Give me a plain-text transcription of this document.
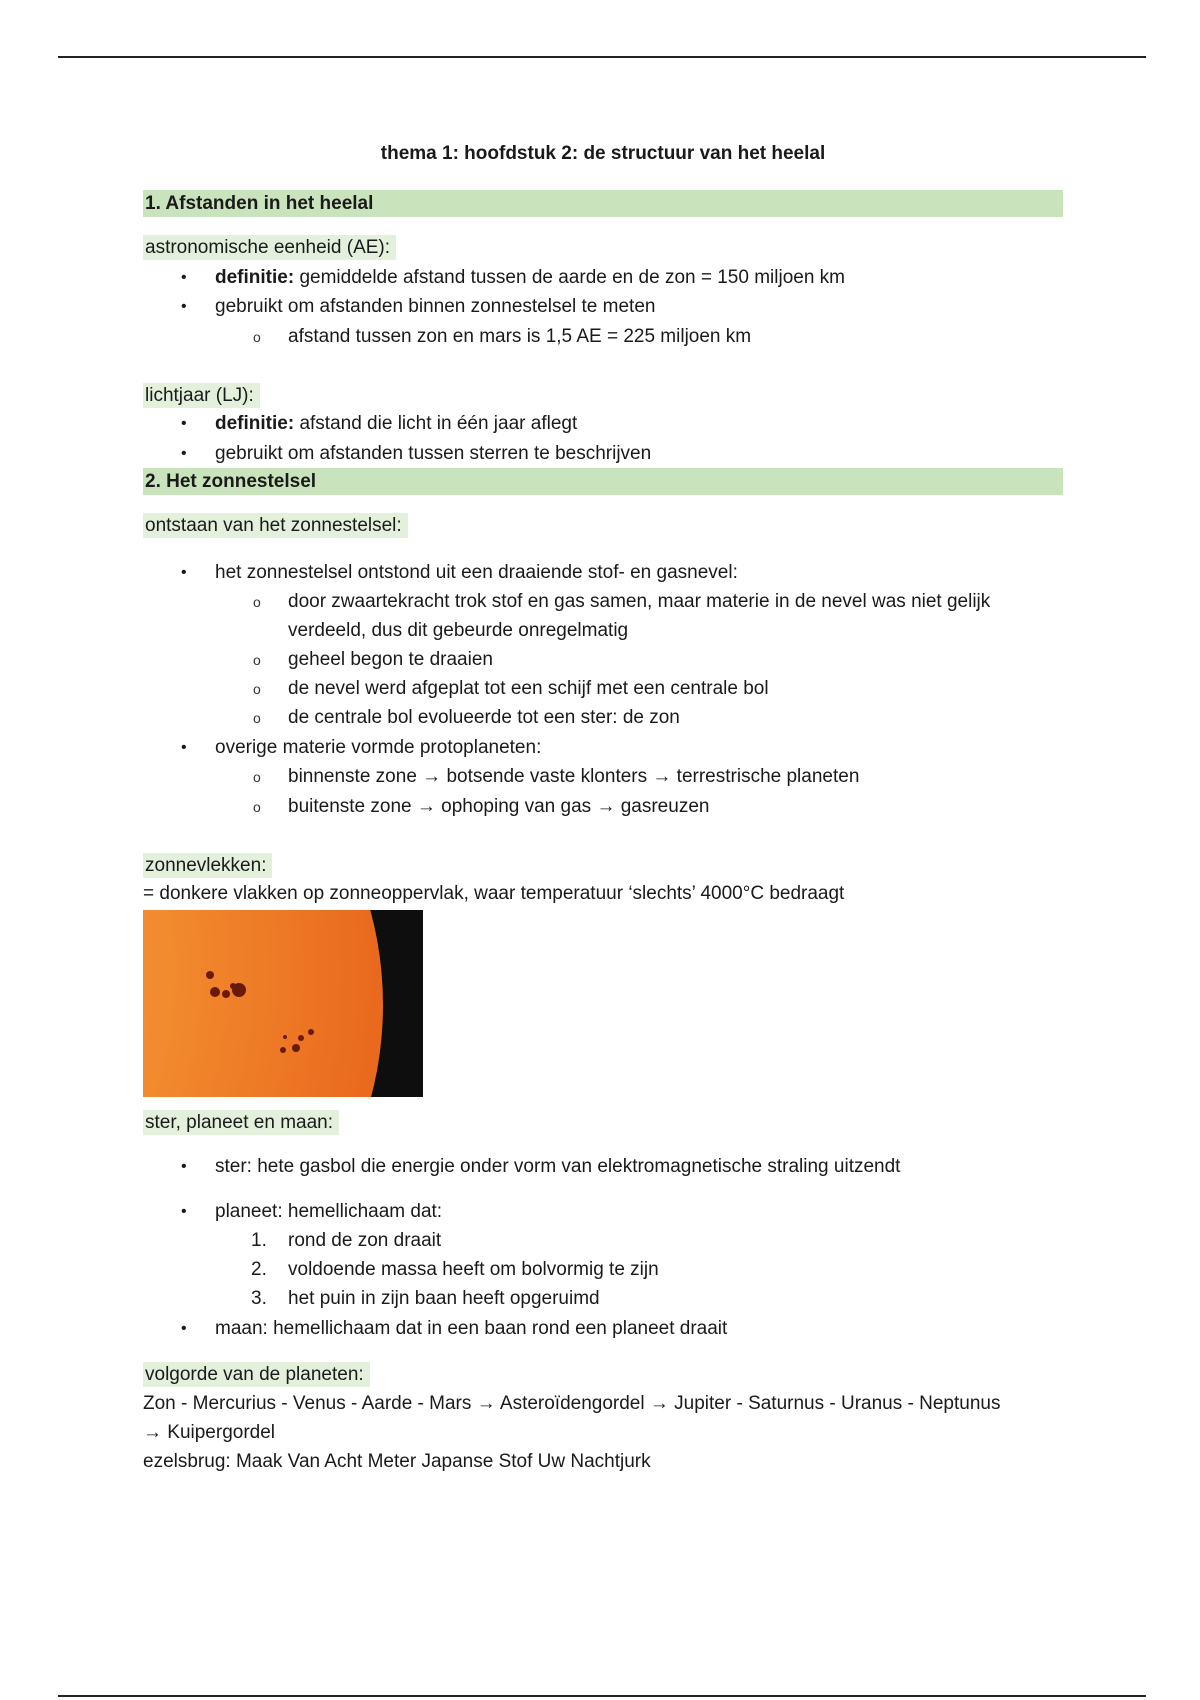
thema 1: hoofdstuk 2: de structuur van het heelal
1. Afstanden in het heelal
astronomische eenheid (AE):
• definitie: gemiddelde afstand tussen de aarde en de zon = 150 miljoen km
• gebruikt om afstanden binnen zonnestelsel te meten
o afstand tussen zon en mars is 1,5 AE = 225 miljoen km
lichtjaar (LJ):
• definitie: afstand die licht in één jaar aflegt
• gebruikt om afstanden tussen sterren te beschrijven
2. Het zonnestelsel
ontstaan van het zonnestelsel:
• het zonnestelsel ontstond uit een draaiende stof- en gasnevel:
o door zwaartekracht trok stof en gas samen, maar materie in de nevel was niet gelijk
verdeeld, dus dit gebeurde onregelmatig
o geheel begon te draaien
o de nevel werd afgeplat tot een schijf met een centrale bol
o de centrale bol evolueerde tot een ster: de zon
• overige materie vormde protoplaneten:
o binnenste zone → botsende vaste klonters → terrestrische planeten
o buitenste zone → ophoping van gas → gasreuzen
zonnevlekken:
= donkere vlakken op zonneoppervlak, waar temperatuur ‘slechts’ 4000°C bedraagt
ster, planeet en maan:
• ster: hete gasbol die energie onder vorm van elektromagnetische straling uitzendt
• planeet: hemellichaam dat:
1. rond de zon draait
2. voldoende massa heeft om bolvormig te zijn
3. het puin in zijn baan heeft opgeruimd
• maan: hemellichaam dat in een baan rond een planeet draait
volgorde van de planeten:
Zon - Mercurius - Venus - Aarde - Mars → Asteroïdengordel → Jupiter - Saturnus - Uranus - Neptunus
→ Kuipergordel
ezelsbrug: Maak Van Acht Meter Japanse Stof Uw Nachtjurk
